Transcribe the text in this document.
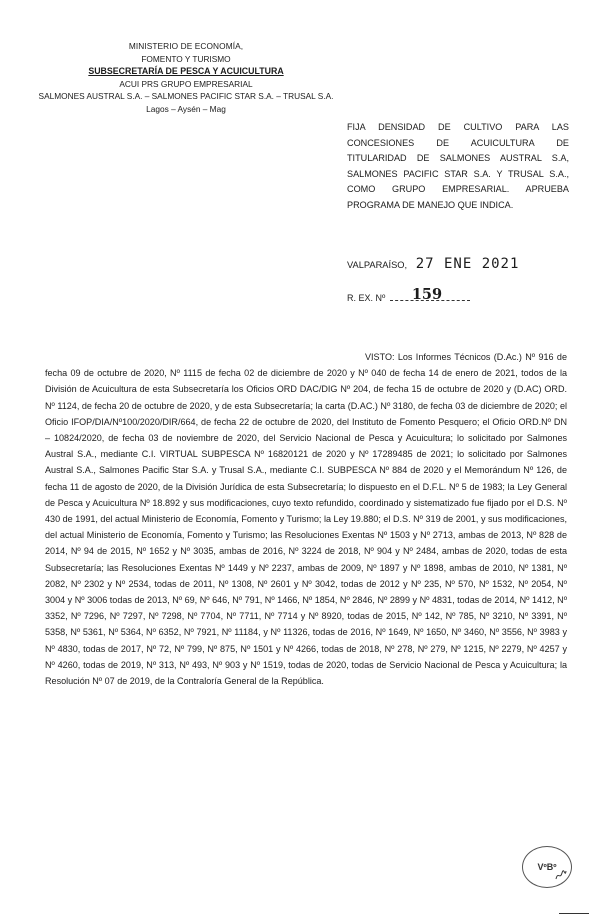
MINISTERIO DE ECONOMÍA,
FOMENTO Y TURISMO
SUBSECRETARÍA DE PESCA Y ACUICULTURA
ACUI PRS GRUPO EMPRESARIAL
SALMONES AUSTRAL S.A. – SALMONES PACIFIC STAR S.A. – TRUSAL S.A.
Lagos – Aysén – Mag
FIJA DENSIDAD DE CULTIVO PARA LAS CONCESIONES DE ACUICULTURA DE TITULARIDAD DE SALMONES AUSTRAL S.A, SALMONES PACIFIC STAR S.A. Y TRUSAL S.A., COMO GRUPO EMPRESARIAL. APRUEBA PROGRAMA DE MANEJO QUE INDICA.
VALPARAÍSO, 27 ENE 2021
R. EX. Nº 159
VISTO: Los Informes Técnicos (D.Ac.) Nº 916 de fecha 09 de octubre de 2020, Nº 1115 de fecha 02 de diciembre de 2020 y Nº 040 de fecha 14 de enero de 2021, todos de la División de Acuicultura de esta Subsecretaría los Oficios ORD DAC/DIG Nº 204, de fecha 15 de octubre de 2020 y (D.AC) ORD. Nº 1124, de fecha 20 de octubre de 2020, y de esta Subsecretaría; la carta (D.AC.) Nº 3180, de fecha 03 de diciembre de 2020; el Oficio IFOP/DIA/Nº100/2020/DIR/664, de fecha 22 de octubre de 2020, del Instituto de Fomento Pesquero; el Oficio ORD.Nº DN – 10824/2020, de fecha 03 de noviembre de 2020, del Servicio Nacional de Pesca y Acuicultura; lo solicitado por Salmones Austral S.A., mediante C.I. VIRTUAL SUBPESCA Nº 16820121 de 2020 y Nº 17289485 de 2021; lo solicitado por Salmones Austral S.A., Salmones Pacific Star S.A. y Trusal S.A., mediante C.I. SUBPESCA Nº 884 de 2020 y el Memorándum Nº 126, de fecha 11 de agosto de 2020, de la División Jurídica de esta Subsecretaría; lo dispuesto en el D.F.L. Nº 5 de 1983; la Ley General de Pesca y Acuicultura Nº 18.892 y sus modificaciones, cuyo texto refundido, coordinado y sistematizado fue fijado por el D.S. Nº 430 de 1991, del actual Ministerio de Economía, Fomento y Turismo; la Ley 19.880; el D.S. Nº 319 de 2001, y sus modificaciones, del actual Ministerio de Economía, Fomento y Turismo; las Resoluciones Exentas Nº 1503 y Nº 2713, ambas de 2013, Nº 828 de 2014, Nº 94 de 2015, Nº 1652 y Nº 3035, ambas de 2016, Nº 3224 de 2018, Nº 904 y Nº 2484, ambas de 2020, todas de esta Subsecretaría; las Resoluciones Exentas Nº 1449 y Nº 2237, ambas de 2009, Nº 1897 y Nº 1898, ambas de 2010, Nº 1381, Nº 2082, Nº 2302 y Nº 2534, todas de 2011, Nº 1308, Nº 2601 y Nº 3042, todas de 2012 y Nº 235, Nº 570, Nº 1532, Nº 2054, Nº 3004 y Nº 3006 todas de 2013, Nº 69, Nº 646, Nº 791, Nº 1466, Nº 1854, Nº 2846, Nº 2899 y Nº 4831, todas de 2014, Nº 1412, Nº 3352, Nº 7296, Nº 7297, Nº 7298, Nº 7704, Nº 7711, Nº 7714 y Nº 8920, todas de 2015, Nº 142, Nº 785, Nº 3210, Nº 3391, Nº 5358, Nº 5361, Nº 5364, Nº 6352, Nº 7921, Nº 11184, y Nº 11326, todas de 2016, Nº 1649, Nº 1650, Nº 3460, Nº 3556, Nº 3983 y Nº 4830, todas de 2017, Nº 72, Nº 799, Nº 875, Nº 1501 y Nº 4266, todas de 2018, Nº 278, Nº 279, Nº 1215, Nº 2279, Nº 4257 y Nº 4260, todas de 2019, Nº 313, Nº 493, Nº 903 y Nº 1519, todas de 2020, todas de Servicio Nacional de Pesca y Acuicultura; la Resolución Nº 07 de 2019, de la Contraloría General de la República.
VºBº
